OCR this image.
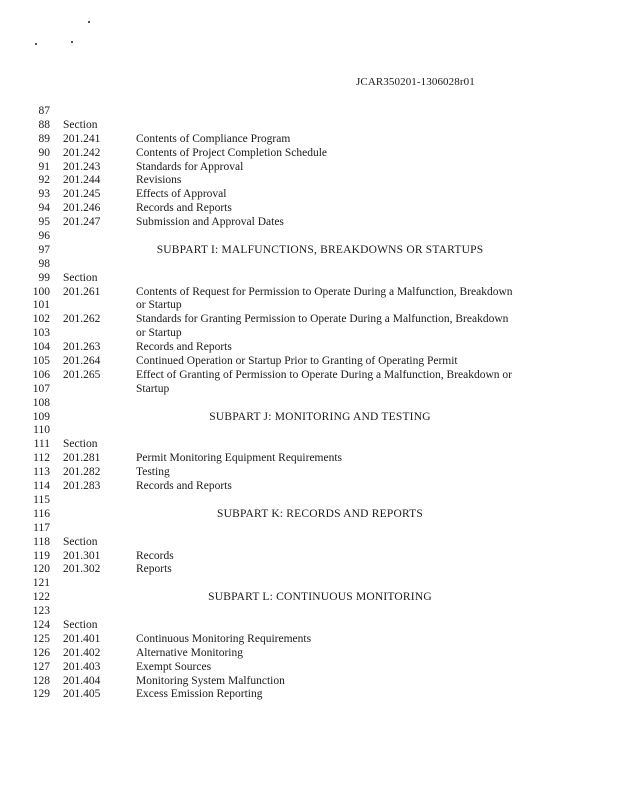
JCAR350201-1306028r01
87
88 Section
89 201.241	Contents of Compliance Program
90 201.242	Contents of Project Completion Schedule
91 201.243	Standards for Approval
92 201.244	Revisions
93 201.245	Effects of Approval
94 201.246	Records and Reports
95 201.247	Submission and Approval Dates
96
97	SUBPART I: MALFUNCTIONS, BREAKDOWNS OR STARTUPS
98
99 Section
100 201.261	Contents of Request for Permission to Operate During a Malfunction, Breakdown
101	or Startup
102 201.262	Standards for Granting Permission to Operate During a Malfunction, Breakdown
103	or Startup
104 201.263	Records and Reports
105 201.264	Continued Operation or Startup Prior to Granting of Operating Permit
106 201.265	Effect of Granting of Permission to Operate During a Malfunction, Breakdown or
107	Startup
108
109	SUBPART J: MONITORING AND TESTING
110
111 Section
112 201.281	Permit Monitoring Equipment Requirements
113 201.282	Testing
114 201.283	Records and Reports
115
116	SUBPART K: RECORDS AND REPORTS
117
118 Section
119 201.301	Records
120 201.302	Reports
121
122	SUBPART L: CONTINUOUS MONITORING
123
124 Section
125 201.401	Continuous Monitoring Requirements
126 201.402	Alternative Monitoring
127 201.403	Exempt Sources
128 201.404	Monitoring System Malfunction
129 201.405	Excess Emission Reporting
